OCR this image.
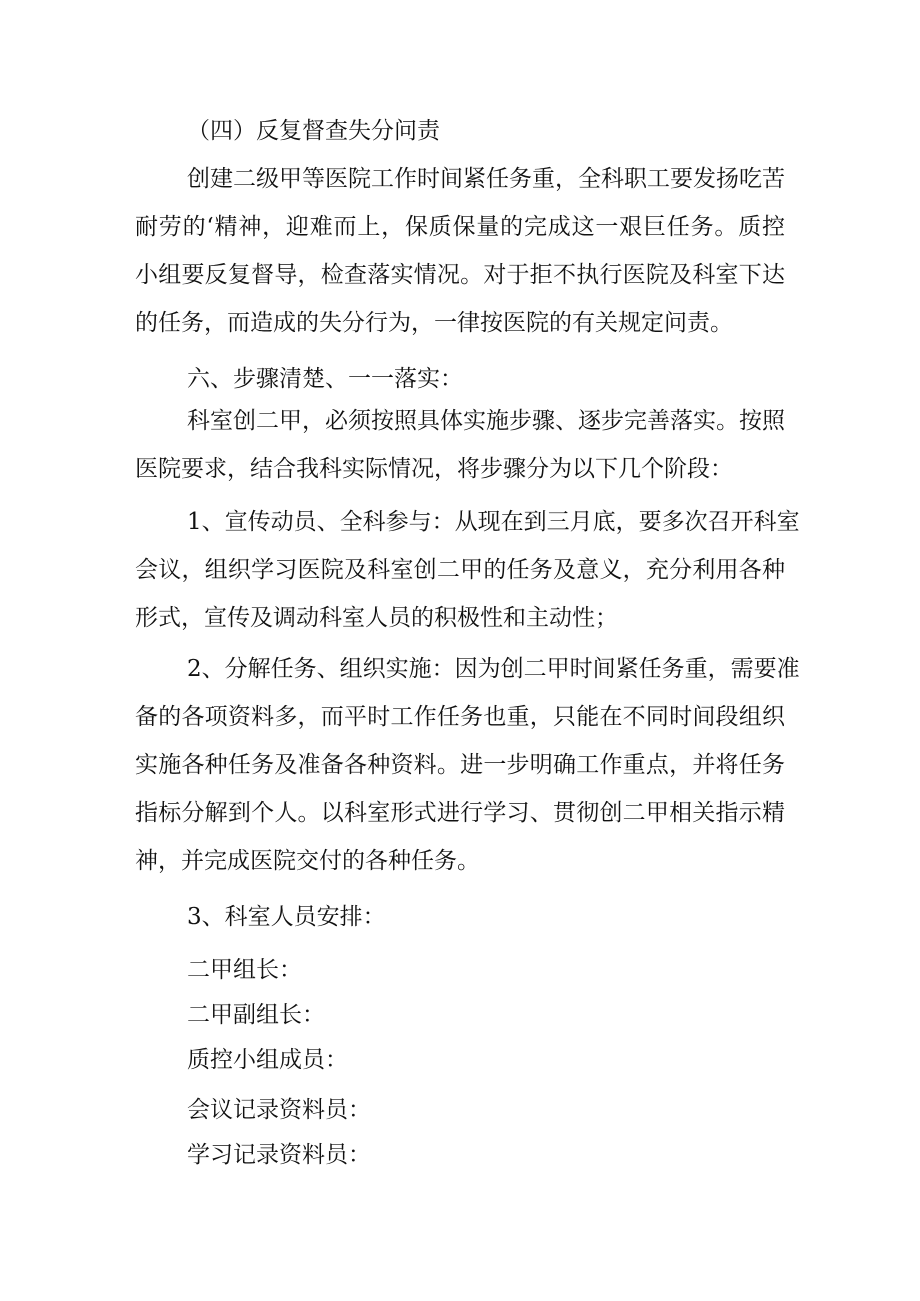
（四）反复督查失分问责
创建二级甲等医院工作时间紧任务重，全科职工要发扬吃苦
耐劳的‘精神，迎难而上，保质保量的完成这一艰巨任务。质控
小组要反复督导，检查落实情况。对于拒不执行医院及科室下达
的任务，而造成的失分行为，一律按医院的有关规定问责。
六、步骤清楚、一一落实：
科室创二甲，必须按照具体实施步骤、逐步完善落实。按照
医院要求，结合我科实际情况，将步骤分为以下几个阶段：
1、宣传动员、全科参与：从现在到三月底，要多次召开科室
会议，组织学习医院及科室创二甲的任务及意义，充分利用各种
形式，宣传及调动科室人员的积极性和主动性；
2、分解任务、组织实施：因为创二甲时间紧任务重，需要准
备的各项资料多，而平时工作任务也重，只能在不同时间段组织
实施各种任务及准备各种资料。进一步明确工作重点，并将任务
指标分解到个人。以科室形式进行学习、贯彻创二甲相关指示精
神，并完成医院交付的各种任务。
3、科室人员安排：
二甲组长：
二甲副组长：
质控小组成员：
会议记录资料员：
学习记录资料员：
